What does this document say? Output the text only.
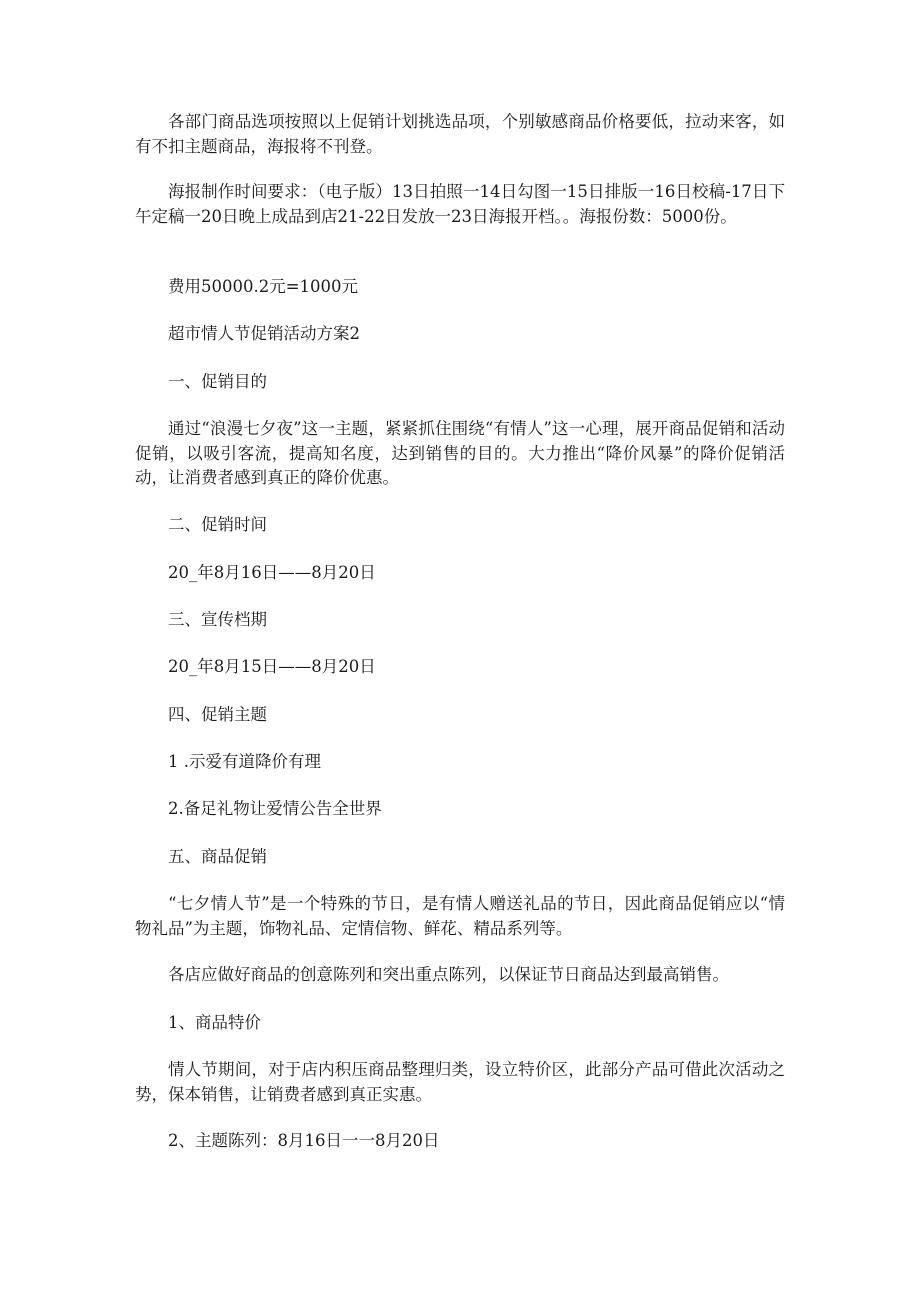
各部门商品选项按照以上促销计划挑选品项，个别敏感商品价格要低，拉动来客，如有不扣主题商品，海报将不刊登。

海报制作时间要求：（电子版）13日拍照一14日勾图一15日排版一16日校稿-17日下午定稿一20日晚上成品到店21-22日发放一23日海报开档。。海报份数：5000份。

费用50000.2元=1000元

超市情人节促销活动方案2

一、促销目的

通过“浪漫七夕夜”这一主题，紧紧抓住围绕“有情人”这一心理，展开商品促销和活动促销，以吸引客流，提高知名度，达到销售的目的。大力推出“降价风暴”的降价促销活动，让消费者感到真正的降价优惠。

二、促销时间

20_年8月16日——8月20日

三、宣传档期

20_年8月15日——8月20日

四、促销主题

1 .示爱有道降价有理

2.备足礼物让爱情公告全世界

五、商品促销

“七夕情人节”是一个特殊的节日，是有情人赠送礼品的节日，因此商品促销应以“情物礼品”为主题，饰物礼品、定情信物、鲜花、精品系列等。

各店应做好商品的创意陈列和突出重点陈列，以保证节日商品达到最高销售。

1、商品特价

情人节期间，对于店内积压商品整理归类，设立特价区，此部分产品可借此次活动之势，保本销售，让销费者感到真正实惠。

2、主题陈列：8月16日一一8月20日
